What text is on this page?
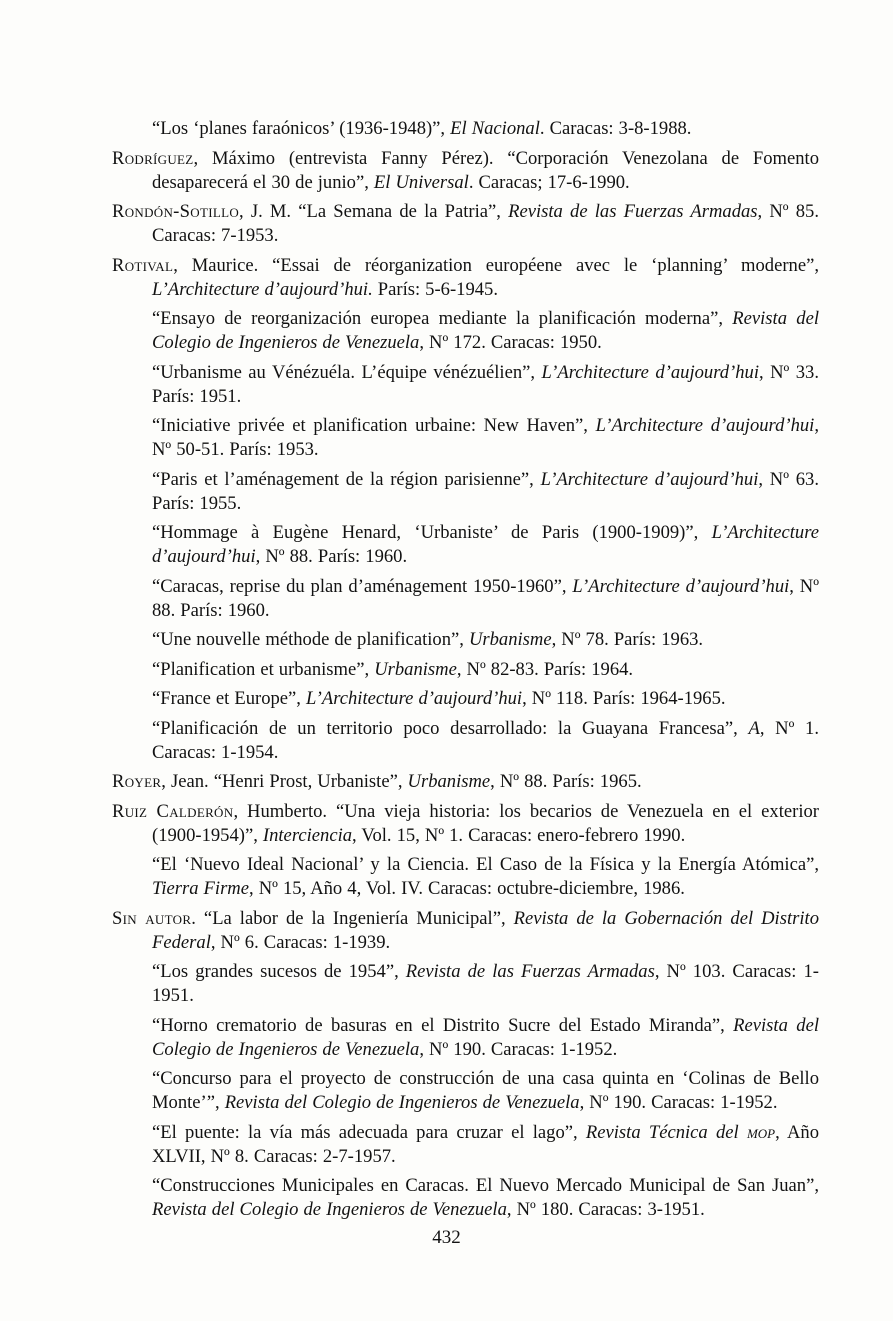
“Los ‘planes faraónicos’ (1936-1948)”, El Nacional. Caracas: 3-8-1988.

Rodríguez, Máximo (entrevista Fanny Pérez). “Corporación Venezolana de Fomento desaparecerá el 30 de junio”, El Universal. Caracas; 17-6-1990.

Rondón-Sotillo, J. M. “La Semana de la Patria”, Revista de las Fuerzas Armadas, Nº 85. Caracas: 7-1953.

Rotival, Maurice. “Essai de réorganization européene avec le ‘planning’ moderne”, L’Architecture d’aujourd’hui. París: 5-6-1945.

“Ensayo de reorganización europea mediante la planificación moderna”, Revista del Colegio de Ingenieros de Venezuela, Nº 172. Caracas: 1950.

“Urbanisme au Vénézuéla. L’équipe vénézuélien”, L’Architecture d’aujourd’hui, Nº 33. París: 1951.

“Iniciative privée et planification urbaine: New Haven”, L’Architecture d’aujourd’hui, Nº 50-51. París: 1953.

“Paris et l’aménagement de la région parisienne”, L’Architecture d’aujourd’hui, Nº 63. París: 1955.

“Hommage à Eugène Henard, ‘Urbaniste’ de Paris (1900-1909)”, L’Architecture d’aujourd’hui, Nº 88. París: 1960.

“Caracas, reprise du plan d’aménagement 1950-1960”, L’Architecture d’aujourd’hui, Nº 88. París: 1960.

“Une nouvelle méthode de planification”, Urbanisme, Nº 78. París: 1963.

“Planification et urbanisme”, Urbanisme, Nº 82-83. París: 1964.

“France et Europe”, L’Architecture d’aujourd’hui, Nº 118. París: 1964-1965.

“Planificación de un territorio poco desarrollado: la Guayana Francesa”, A, Nº 1. Caracas: 1-1954.

Royer, Jean. “Henri Prost, Urbaniste”, Urbanisme, Nº 88. París: 1965.

Ruiz Calderón, Humberto. “Una vieja historia: los becarios de Venezuela en el exterior (1900-1954)”, Interciencia, Vol. 15, Nº 1. Caracas: enero-febrero 1990.

“El ‘Nuevo Ideal Nacional’ y la Ciencia. El Caso de la Física y la Energía Atómica”, Tierra Firme, Nº 15, Año 4, Vol. IV. Caracas: octubre-diciembre, 1986.

Sin autor. “La labor de la Ingeniería Municipal”, Revista de la Gobernación del Distrito Federal, Nº 6. Caracas: 1-1939.

“Los grandes sucesos de 1954”, Revista de las Fuerzas Armadas, Nº 103. Caracas: 1-1951.

“Horno crematorio de basuras en el Distrito Sucre del Estado Miranda”, Revista del Colegio de Ingenieros de Venezuela, Nº 190. Caracas: 1-1952.

“Concurso para el proyecto de construcción de una casa quinta en ‘Colinas de Bello Monte’”, Revista del Colegio de Ingenieros de Venezuela, Nº 190. Caracas: 1-1952.

“El puente: la vía más adecuada para cruzar el lago”, Revista Técnica del mop, Año XLVII, Nº 8. Caracas: 2-7-1957.

“Construcciones Municipales en Caracas. El Nuevo Mercado Municipal de San Juan”, Revista del Colegio de Ingenieros de Venezuela, Nº 180. Caracas: 3-1951.

432
